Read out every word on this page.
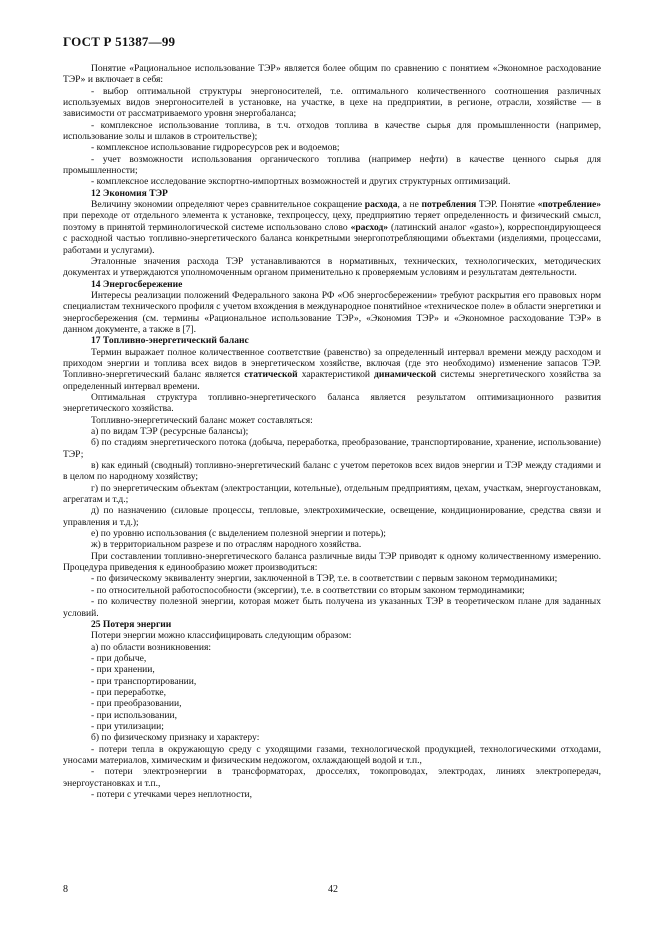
ГОСТ Р 51387—99

Понятие «Рациональное использование ТЭР» является более общим по сравнению с понятием «Экономное расходование ТЭР» и включает в себя:

- выбор оптимальной структуры энергоносителей, т.е. оптимального количественного соотношения различных используемых видов энергоносителей в установке, на участке, в цехе на предприятии, в регионе, отрасли, хозяйстве — в зависимости от рассматриваемого уровня энергобаланса;

- комплексное использование топлива, в т.ч. отходов топлива в качестве сырья для промышленности (например, использование золы и шлаков в строительстве);

- комплексное использование гидроресурсов рек и водоемов;

- учет возможности использования органического топлива (например нефти) в качестве ценного сырья для промышленности;

- комплексное исследование экспортно-импортных возможностей и других структурных оптимизаций.

12 Экономия ТЭР

Величину экономии определяют через сравнительное сокращение расхода, а не потребления ТЭР. Понятие «потребление» при переходе от отдельного элемента к установке, техпроцессу, цеху, предприятию теряет определенность и физический смысл, поэтому в принятой терминологической системе использовано слово «расход» (латинский аналог «gasto»), корреспондирующееся с расходной частью топливно-энергетического баланса конкретными энергопотребляющими объектами (изделиями, процессами, работами и услугами).

Эталонные значения расхода ТЭР устанавливаются в нормативных, технических, технологических, методических документах и утверждаются уполномоченным органом применительно к проверяемым условиям и результатам деятельности.

14 Энергосбережение

Интересы реализации положений Федерального закона РФ «Об энергосбережении» требуют раскрытия его правовых норм специалистам технического профиля с учетом вхождения в международное понятийное «техническое поле» в области энергетики и энергосбережения (см. термины «Рациональное использование ТЭР», «Экономия ТЭР» и «Экономное расходование ТЭР» в данном документе, а также в [7].

17 Топливно-энергетический баланс

Термин выражает полное количественное соответствие (равенство) за определенный интервал времени между расходом и приходом энергии и топлива всех видов в энергетическом хозяйстве, включая (где это необходимо) изменение запасов ТЭР. Топливно-энергетический баланс является статической характеристикой динамической системы энергетического хозяйства за определенный интервал времени.

Оптимальная структура топливно-энергетического баланса является результатом оптимизационного развития энергетического хозяйства.

Топливно-энергетический баланс может составляться:

а) по видам ТЭР (ресурсные балансы);

б) по стадиям энергетического потока (добыча, переработка, преобразование, транспортирование, хранение, использование) ТЭР;

в) как единый (сводный) топливно-энергетический баланс с учетом перетоков всех видов энергии и ТЭР между стадиями и в целом по народному хозяйству;

г) по энергетическим объектам (электростанции, котельные), отдельным предприятиям, цехам, участкам, энергоустановкам, агрегатам и т.д.;

д) по назначению (силовые процессы, тепловые, электрохимические, освещение, кондиционирование, средства связи и управления и т.д.);

е) по уровню использования (с выделением полезной энергии и потерь);

ж) в территориальном разрезе и по отраслям народного хозяйства.

При составлении топливно-энергетического баланса различные виды ТЭР приводят к одному количественному измерению. Процедура приведения к единообразию может производиться:

- по физическому эквиваленту энергии, заключенной в ТЭР, т.е. в соответствии с первым законом термодинамики;

- по относительной работоспособности (эксергии), т.е. в соответствии со вторым законом термодинамики;

- по количеству полезной энергии, которая может быть получена из указанных ТЭР в теоретическом плане для заданных условий.

25 Потеря энергии

Потери энергии можно классифицировать следующим образом:

а) по области возникновения:

- при добыче,

- при хранении,

- при транспортировании,

- при переработке,

- при преобразовании,

- при использовании,

- при утилизации;

б) по физическому признаку и характеру:

- потери тепла в окружающую среду с уходящими газами, технологической продукцией, технологическими отходами, уносами материалов, химическим и физическим недожогом, охлаждающей водой и т.п.,

- потери электроэнергии в трансформаторах, дросселях, токопроводах, электродах, линиях электропередач, энергоустановках и т.п.,

- потери с утечками через неплотности,

8	42
